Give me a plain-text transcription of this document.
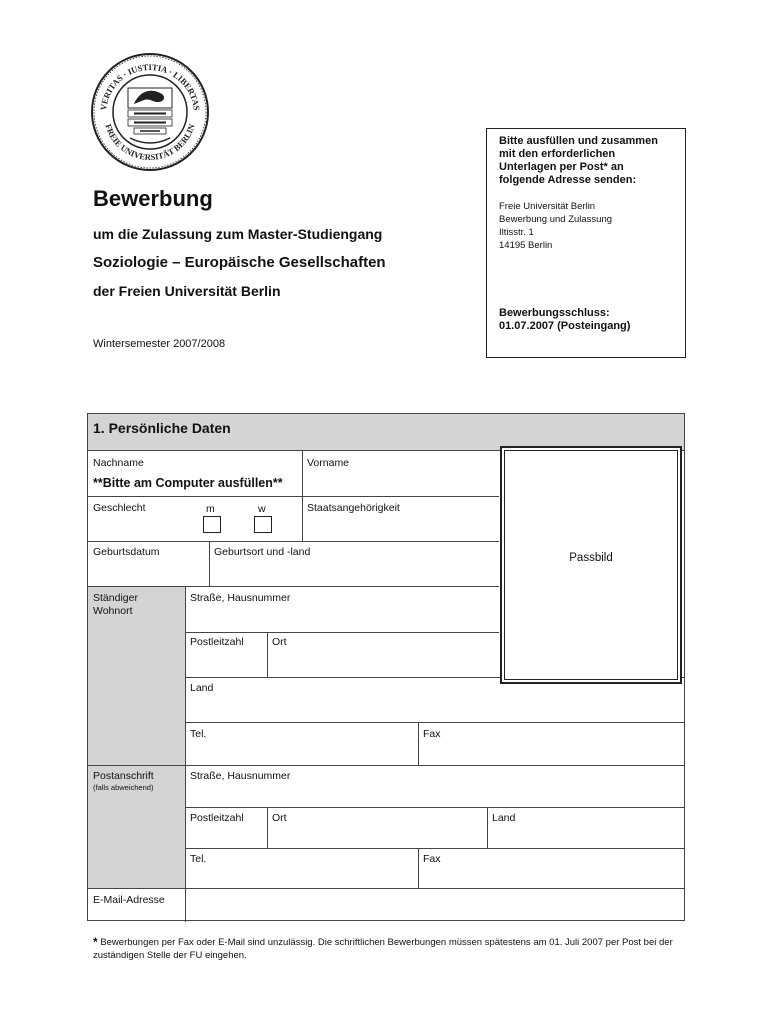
VERITAS · IUSTITIA · LIBERTAS
FREIE UNIVERSITÄT BERLIN
Bewerbung
um die Zulassung zum Master-Studiengang
Soziologie – Europäische Gesellschaften
der Freien Universität Berlin
Wintersemester 2007/2008
Bitte ausfüllen und zusammen
mit den erforderlichen
Unterlagen per Post* an
folgende Adresse senden:
Freie Universität Berlin
Bewerbung und Zulassung
Iltisstr. 1
14195 Berlin
Bewerbungsschluss:
01.07.2007 (Posteingang)
1. Persönliche Daten
Nachname	Vorname
**Bitte am Computer ausfüllen**
Geschlecht	m	w	Staatsangehörigkeit
Geburtsdatum	Geburtsort und -land
Ständiger
Wohnort
Straße, Hausnummer
Postleitzahl	Ort
Land
Tel.	Fax
Postanschrift
(falls abweichend)
Straße, Hausnummer
Postleitzahl	Ort	Land
Tel.	Fax
E-Mail-Adresse
Passbild
* Bewerbungen per Fax oder E-Mail sind unzulässig. Die schriftlichen Bewerbungen müssen spätestens am 01. Juli 2007 per Post bei der zuständigen Stelle der FU eingehen.
